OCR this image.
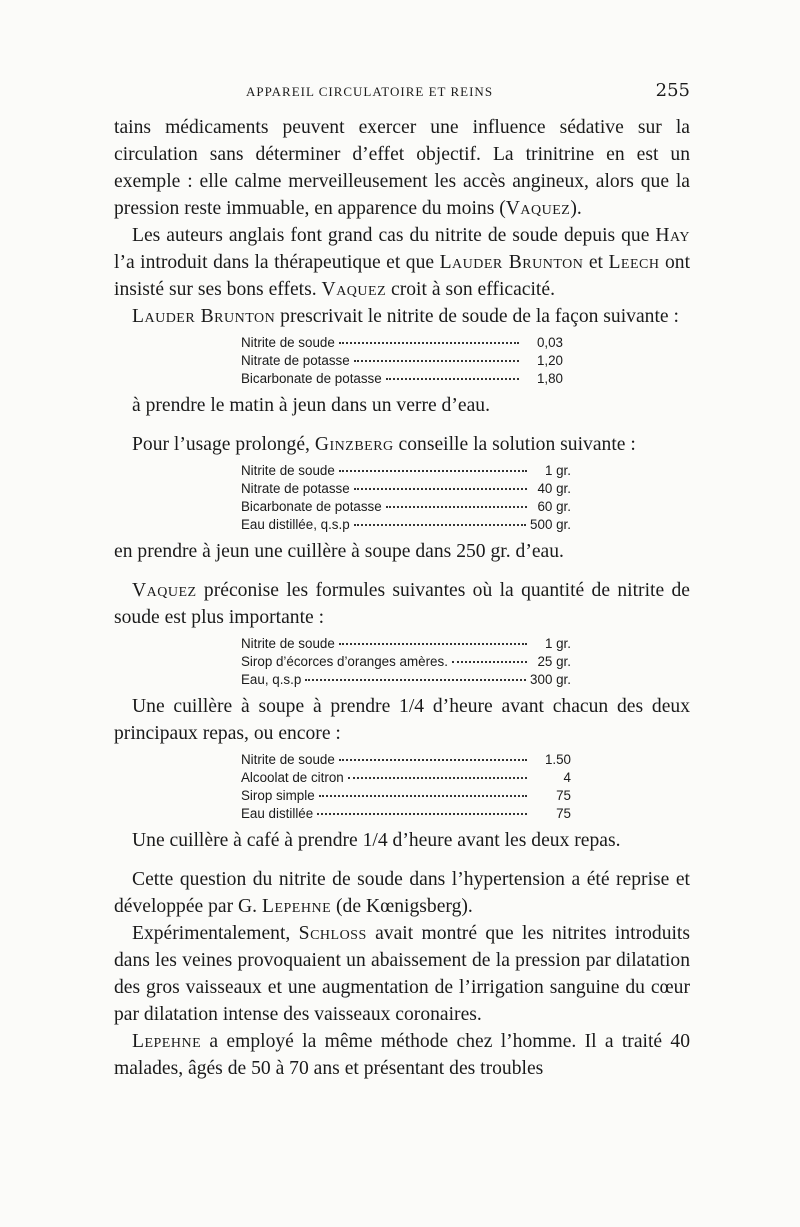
APPAREIL CIRCULATOIRE ET REINS	255

tains médicaments peuvent exercer une influence sédative sur la circulation sans déterminer d’effet objectif. La trinitrine en est un exemple : elle calme merveilleusement les accès angineux, alors que la pression reste immuable, en apparence du moins (Vaquez).

Les auteurs anglais font grand cas du nitrite de soude depuis que Hay l’a introduit dans la thérapeutique et que Lauder Brunton et Leech ont insisté sur ses bons effets. Vaquez croit à son efficacité.

Lauder Brunton prescrivait le nitrite de soude de la façon suivante :

Nitrite de soude	0,03
Nitrate de potasse	1,20
Bicarbonate de potasse	1,80

à prendre le matin à jeun dans un verre d’eau.

Pour l’usage prolongé, Ginzberg conseille la solution suivante :

Nitrite de soude	1 gr.
Nitrate de potasse	40 gr.
Bicarbonate de potasse	60 gr.
Eau distillée, q.s.p	500 gr.

en prendre à jeun une cuillère à soupe dans 250 gr. d’eau.

Vaquez préconise les formules suivantes où la quantité de nitrite de soude est plus importante :

Nitrite de soude	1 gr.
Sirop d’écorces d’oranges amères.	25 gr.
Eau, q.s.p	300 gr.

Une cuillère à soupe à prendre 1/4 d’heure avant chacun des deux principaux repas, ou encore :

Nitrite de soude	1.50
Alcoolat de citron	4
Sirop simple	75
Eau distillée	75

Une cuillère à café à prendre 1/4 d’heure avant les deux repas.

Cette question du nitrite de soude dans l’hypertension a été reprise et développée par G. Lepehne (de Kœnigsberg).

Expérimentalement, Schloss avait montré que les nitrites introduits dans les veines provoquaient un abaissement de la pression par dilatation des gros vaisseaux et une augmentation de l’irrigation sanguine du cœur par dilatation intense des vaisseaux coronaires.

Lepehne a employé la même méthode chez l’homme. Il a traité 40 malades, âgés de 50 à 70 ans et présentant des troubles
